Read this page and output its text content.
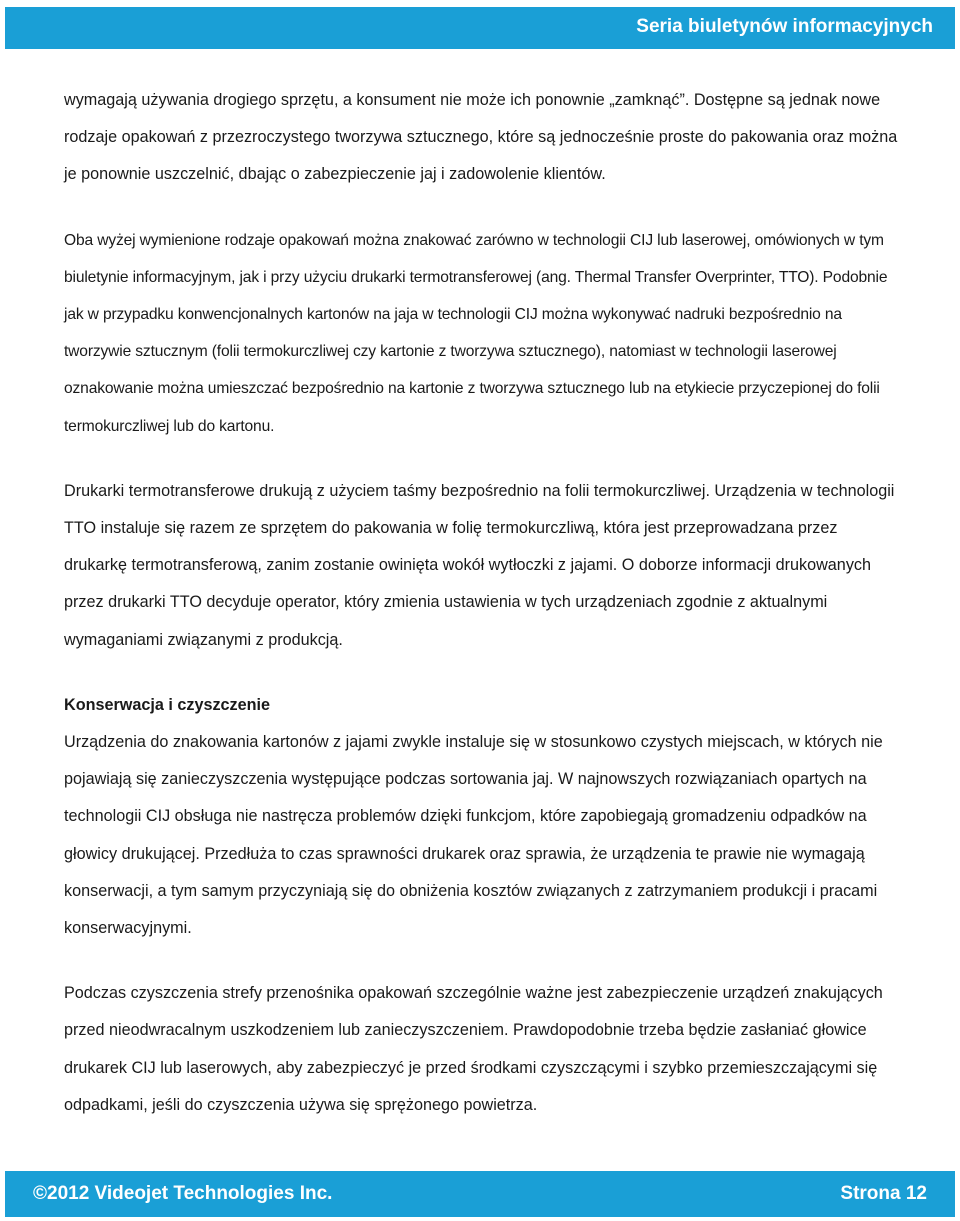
Seria biuletynów informacyjnych

wymagają używania drogiego sprzętu, a konsument nie może ich ponownie „zamknąć”. Dostępne są jednak nowe rodzaje opakowań z przezroczystego tworzywa sztucznego, które są jednocześnie proste do pakowania oraz można je ponownie uszczelnić, dbając o zabezpieczenie jaj i zadowolenie klientów.

Oba wyżej wymienione rodzaje opakowań można znakować zarówno w technologii CIJ lub laserowej, omówionych w tym biuletynie informacyjnym, jak i przy użyciu drukarki termotransferowej (ang. Thermal Transfer Overprinter, TTO). Podobnie jak w przypadku konwencjonalnych kartonów na jaja w technologii CIJ można wykonywać nadruki bezpośrednio na tworzywie sztucznym (folii termokurczliwej czy kartonie z tworzywa sztucznego), natomiast w technologii laserowej oznakowanie można umieszczać bezpośrednio na kartonie z tworzywa sztucznego lub na etykiecie przyczepionej do folii termokurczliwej lub do kartonu.

Drukarki termotransferowe drukują z użyciem taśmy bezpośrednio na folii termokurczliwej. Urządzenia w technologii TTO instaluje się razem ze sprzętem do pakowania w folię termokurczliwą, która jest przeprowadzana przez drukarkę termotransferową, zanim zostanie owinięta wokół wytłoczki z jajami. O doborze informacji drukowanych przez drukarki TTO decyduje operator, który zmienia ustawienia w tych urządzeniach zgodnie z aktualnymi wymaganiami związanymi z produkcją.

Konserwacja i czyszczenie

Urządzenia do znakowania kartonów z jajami zwykle instaluje się w stosunkowo czystych miejscach, w których nie pojawiają się zanieczyszczenia występujące podczas sortowania jaj. W najnowszych rozwiązaniach opartych na technologii CIJ obsługa nie nastręcza problemów dzięki funkcjom, które zapobiegają gromadzeniu odpadków na głowicy drukującej. Przedłuża to czas sprawności drukarek oraz sprawia, że urządzenia te prawie nie wymagają konserwacji, a tym samym przyczyniają się do obniżenia kosztów związanych z zatrzymaniem produkcji i pracami konserwacyjnymi.

Podczas czyszczenia strefy przenośnika opakowań szczególnie ważne jest zabezpieczenie urządzeń znakujących przed nieodwracalnym uszkodzeniem lub zanieczyszczeniem. Prawdopodobnie trzeba będzie zasłaniać głowice drukarek CIJ lub laserowych, aby zabezpieczyć je przed środkami czyszczącymi i szybko przemieszczającymi się odpadkami, jeśli do czyszczenia używa się sprężonego powietrza.

©2012 Videojet Technologies Inc.	Strona 12
